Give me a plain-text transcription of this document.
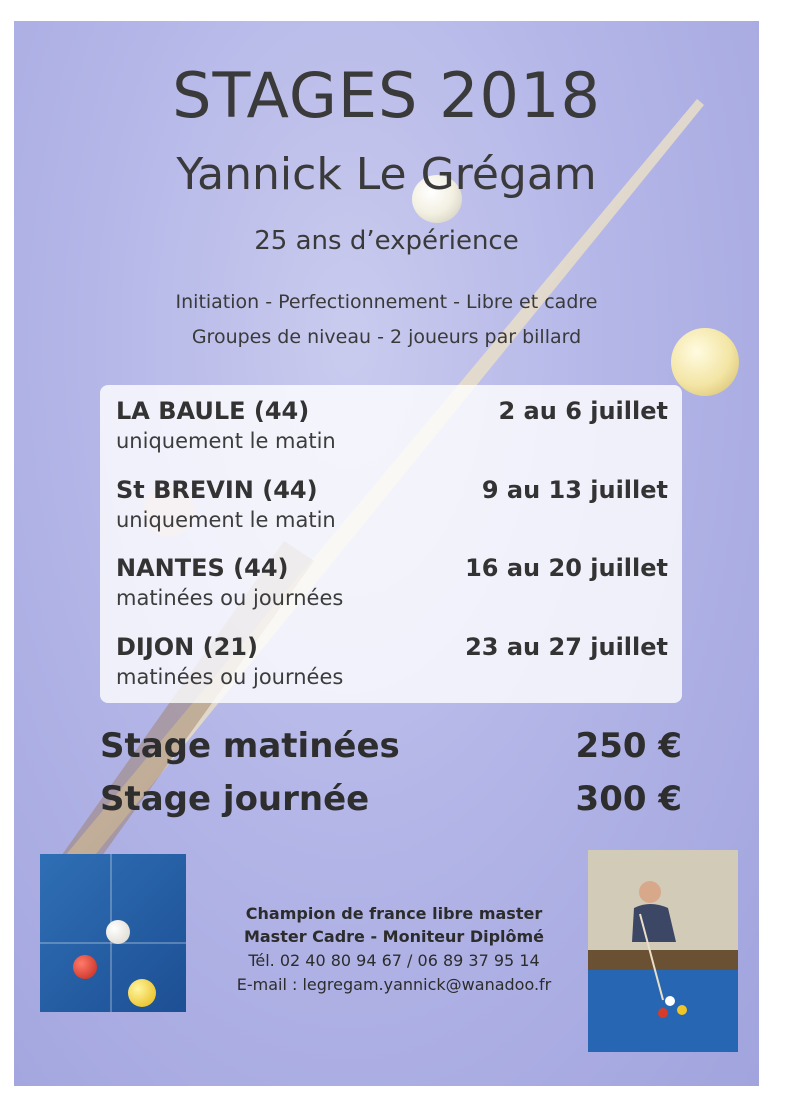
STAGES 2018
Yannick Le Grégam
25 ans d’expérience
Initiation - Perfectionnement - Libre et cadre
Groupes de niveau - 2 joueurs par billard
LA BAULE (44)	2 au 6 juillet
uniquement le matin
St BREVIN (44)	9 au 13 juillet
uniquement le matin
NANTES (44)	16 au 20 juillet
matinées ou journées
DIJON (21)	23 au 27 juillet
matinées ou journées
Stage matinées	250 €
Stage journée	300 €
Champion de france libre master
Master Cadre - Moniteur Diplômé
Tél. 02 40 80 94 67 / 06 89 37 95 14
E-mail : legregam.yannick@wanadoo.fr
